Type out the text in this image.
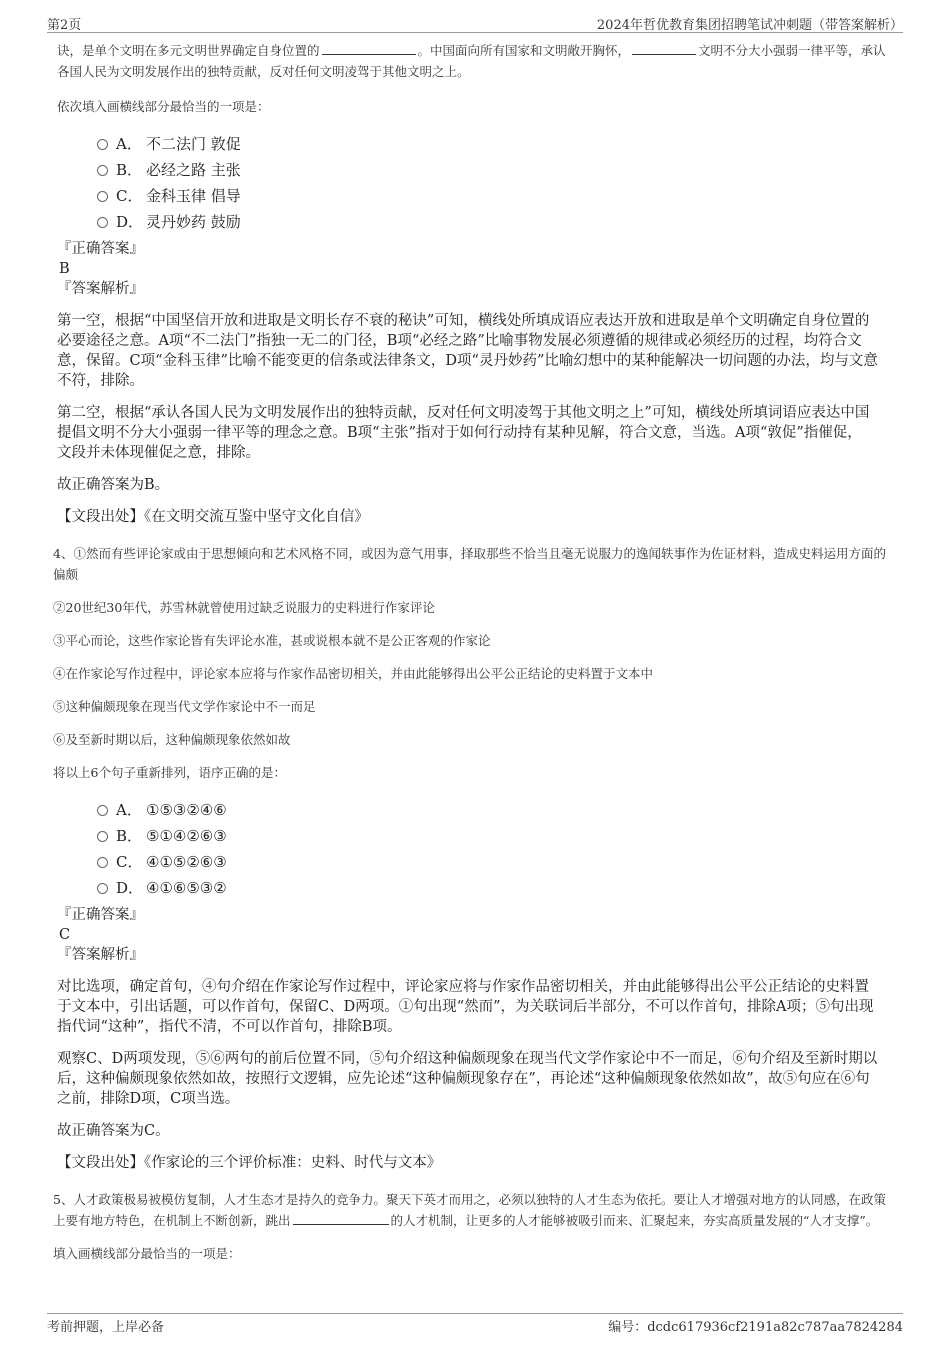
第2页	2024年哲优教育集团招聘笔试冲刺题（带答案解析）

诀，是单个文明在多元文明世界确定自身位置的	。中国面向所有国家和文明敞开胸怀，	文明不分大小强弱一律平等，承认各国人民为文明发展作出的独特贡献，反对任何文明凌驾于其他文明之上。

依次填入画横线部分最恰当的一项是：

A． 不二法门 敦促
B． 必经之路 主张
C． 金科玉律 倡导
D． 灵丹妙药 鼓励

『正确答案』

B

『答案解析』

第一空，根据“中国坚信开放和进取是文明长存不衰的秘诀”可知，横线处所填成语应表达开放和进取是单个文明确定自身位置的必要途径之意。A项“不二法门”指独一无二的门径，B项“必经之路”比喻事物发展必须遵循的规律或必须经历的过程，均符合文意，保留。C项“金科玉律”比喻不能变更的信条或法律条文，D项“灵丹妙药”比喻幻想中的某种能解决一切问题的办法，均与文意不符，排除。

第二空，根据“承认各国人民为文明发展作出的独特贡献，反对任何文明凌驾于其他文明之上”可知，横线处所填词语应表达中国提倡文明不分大小强弱一律平等的理念之意。B项“主张”指对于如何行动持有某种见解，符合文意，当选。A项“敦促”指催促， 文段并未体现催促之意，排除。

故正确答案为B。

【文段出处】《在文明交流互鉴中坚守文化自信》

4、①然而有些评论家或由于思想倾向和艺术风格不同，或因为意气用事，择取那些不恰当且毫无说服力的逸闻轶事作为佐证材料，造成史料运用方面的偏颇

②20世纪30年代，苏雪林就曾使用过缺乏说服力的史料进行作家评论

③平心而论，这些作家论皆有失评论水准，甚或说根本就不是公正客观的作家论

④在作家论写作过程中，评论家本应将与作家作品密切相关，并由此能够得出公平公正结论的史料置于文本中

⑤这种偏颇现象在现当代文学作家论中不一而足

⑥及至新时期以后，这种偏颇现象依然如故

将以上6个句子重新排列，语序正确的是：

A． ①⑤③②④⑥
B． ⑤①④②⑥③
C． ④①⑤②⑥③
D． ④①⑥⑤③②

『正确答案』

C

『答案解析』

对比选项，确定首句，④句介绍在作家论写作过程中，评论家应将与作家作品密切相关，并由此能够得出公平公正结论的史料置于文本中，引出话题，可以作首句，保留C、D两项。①句出现“然而”，为关联词后半部分，不可以作首句，排除A项；⑤句出现指代词“这种”，指代不清，不可以作首句，排除B项。

观察C、D两项发现，⑤⑥两句的前后位置不同，⑤句介绍这种偏颇现象在现当代文学作家论中不一而足，⑥句介绍及至新时期以后，这种偏颇现象依然如故，按照行文逻辑，应先论述“这种偏颇现象存在”，再论述“这种偏颇现象依然如故”，故⑤句应在⑥句之前，排除D项，C项当选。

故正确答案为C。

【文段出处】《作家论的三个评价标准：史料、时代与文本》

5、人才政策极易被模仿复制，人才生态才是持久的竞争力。聚天下英才而用之，必须以独特的人才生态为依托。要让人才增强对地方的认同感，在政策上要有地方特色，在机制上不断创新，跳出	的人才机制，让更多的人才能够被吸引而来、汇聚起来，夯实高质量发展的“人才支撑”。

填入画横线部分最恰当的一项是：

考前押题，上岸必备	编号：dcdc617936cf2191a82c787aa7824284
